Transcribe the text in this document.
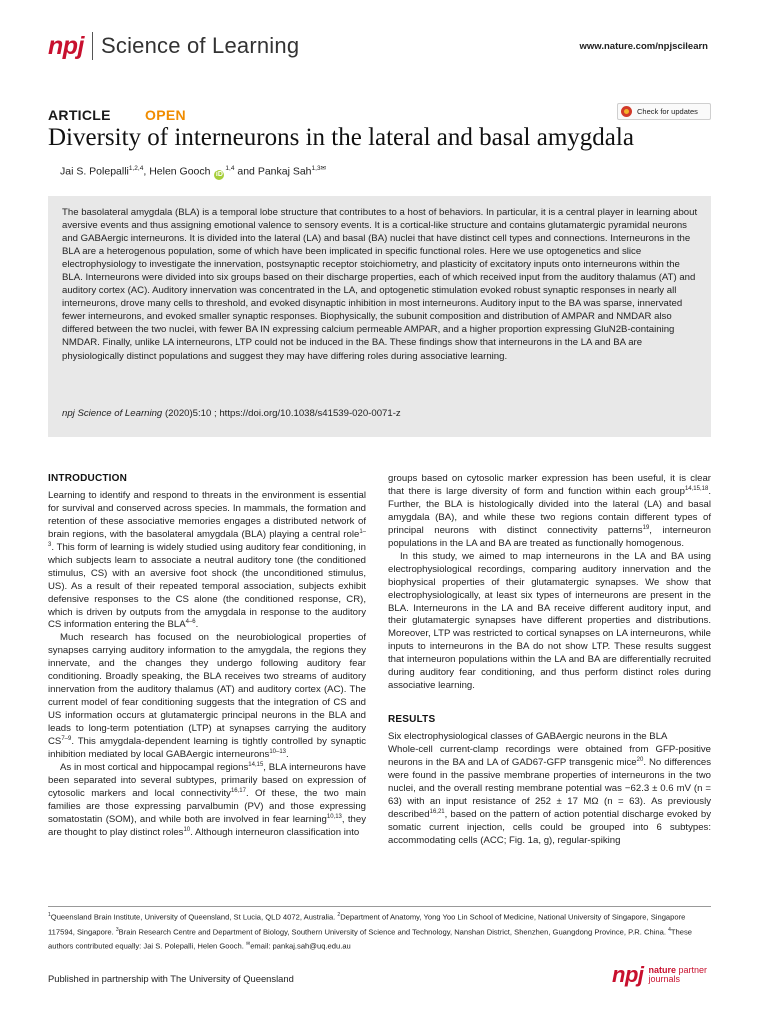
npj Science of Learning	www.nature.com/npjscilearn
ARTICLE OPEN	Check for updates
Diversity of interneurons in the lateral and basal amygdala
Jai S. Polepalli$^{1,2,4}$, Helen Gooch iD$^{1,4}$ and Pankaj Sah$^{1,3✉}$
The basolateral amygdala (BLA) is a temporal lobe structure that contributes to a host of behaviors. In particular, it is a central player in learning about aversive events and thus assigning emotional valence to sensory events. It is a cortical-like structure and contains glutamatergic pyramidal neurons and GABAergic interneurons. It is divided into the lateral (LA) and basal (BA) nuclei that have distinct cell types and connections. Interneurons in the BLA are a heterogenous population, some of which have been implicated in specific functional roles. Here we use optogenetics and slice electrophysiology to investigate the innervation, postsynaptic receptor stoichiometry, and plasticity of excitatory inputs onto interneurons within the BLA. Interneurons were divided into six groups based on their discharge properties, each of which received input from the auditory thalamus (AT) and auditory cortex (AC). Auditory innervation was concentrated in the LA, and optogenetic stimulation evoked robust synaptic responses in nearly all interneurons, drove many cells to threshold, and evoked disynaptic inhibition in most interneurons. Auditory input to the BA was sparse, innervated fewer interneurons, and evoked smaller synaptic responses. Biophysically, the subunit composition and distribution of AMPAR and NMDAR also differed between the two nuclei, with fewer BA IN expressing calcium permeable AMPAR, and a higher proportion expressing GluN2B-containing NMDAR. Finally, unlike LA interneurons, LTP could not be induced in the BA. These findings show that interneurons in the LA and BA are physiologically distinct populations and suggest they may have differing roles during associative learning.
npj Science of Learning (2020)5:10 ; https://doi.org/10.1038/s41539-020-0071-z
INTRODUCTION

Learning to identify and respond to threats in the environment is essential for survival and conserved across species. In mammals, the formation and retention of these associative memories engages a distributed network of brain regions, with the basolateral amygdala (BLA) playing a central role$^{1-3}$. This form of learning is widely studied using auditory fear conditioning, in which subjects learn to associate a neutral auditory tone (the conditioned stimulus, CS) with an aversive foot shock (the unconditioned stimulus, US). As a result of their repeated temporal association, subjects exhibit defensive responses to the CS alone (the conditioned response, CR), which is driven by outputs from the amygdala in response to the auditory CS information entering the BLA$^{4-6}$.

Much research has focused on the neurobiological properties of synapses carrying auditory information to the amygdala, the regions they innervate, and the changes they undergo following auditory fear conditioning. Broadly speaking, the BLA receives two streams of auditory innervation from the auditory thalamus (AT) and auditory cortex (AC). The current model of fear conditioning suggests that the integration of CS and US information occurs at glutamatergic principal neurons in the BLA and leads to long-term potentiation (LTP) at synapses carrying the auditory CS$^{7-9}$. This amygdala-dependent learning is tightly controlled by synaptic inhibition mediated by local GABAergic interneurons$^{10-13}$.

As in most cortical and hippocampal regions$^{14,15}$, BLA interneurons have been separated into several subtypes, primarily based on expression of cytosolic markers and local connectivity$^{16,17}$. Of these, the two main families are those expressing parvalbumin (PV) and those expressing somatostatin (SOM), and while both are involved in fear learning$^{10,13}$, they are thought to play distinct roles$^{10}$. Although interneuron classification into

groups based on cytosolic marker expression has been useful, it is clear that there is large diversity of form and function within each group$^{14,15,18}$. Further, the BLA is histologically divided into the lateral (LA) and basal amygdala (BA), and while these two regions contain different types of principal neurons with distinct connectivity patterns$^{19}$, interneuron populations in the LA and BA are treated as functionally homogenous.

In this study, we aimed to map interneurons in the LA and BA using electrophysiological recordings, comparing auditory innervation and the biophysical properties of their glutamatergic synapses. We show that electrophysiologically, at least six types of interneurons are present in the BLA. Interneurons in the LA and BA receive different auditory input, and their glutamatergic synapses have different properties and distributions. Moreover, LTP was restricted to cortical synapses on LA interneurons, while inputs to interneurons in the BA do not show LTP. These results suggest that interneuron populations within the LA and BA are differentially recruited during auditory fear conditioning, and thus perform distinct roles during associative learning.

RESULTS

Six electrophysiological classes of GABAergic neurons in the BLA

Whole-cell current-clamp recordings were obtained from GFP-positive neurons in the BA and LA of GAD67-GFP transgenic mice$^{20}$. No differences were found in the passive membrane properties of interneurons in the two nuclei, and the overall resting membrane potential was −62.3 ± 0.6 mV (n = 63) with an input resistance of 252 ± 17 MΩ (n = 63). As previously described$^{16,21}$, based on the pattern of action potential discharge evoked by somatic current injection, cells could be grouped into 6 subtypes: accommodating cells (ACC; Fig. 1a, g), regular-spiking

$^1$Queensland Brain Institute, University of Queensland, St Lucia, QLD 4072, Australia. $^2$Department of Anatomy, Yong Yoo Lin School of Medicine, National University of Singapore, Singapore 117594, Singapore. $^3$Brain Research Centre and Department of Biology, Southern University of Science and Technology, Nanshan District, Shenzhen, Guangdong Province, P.R. China. $^4$These authors contributed equally: Jai S. Polepalli, Helen Gooch. ✉email: pankaj.sah@uq.edu.au
Published in partnership with The University of Queensland	npj nature partner
journals
